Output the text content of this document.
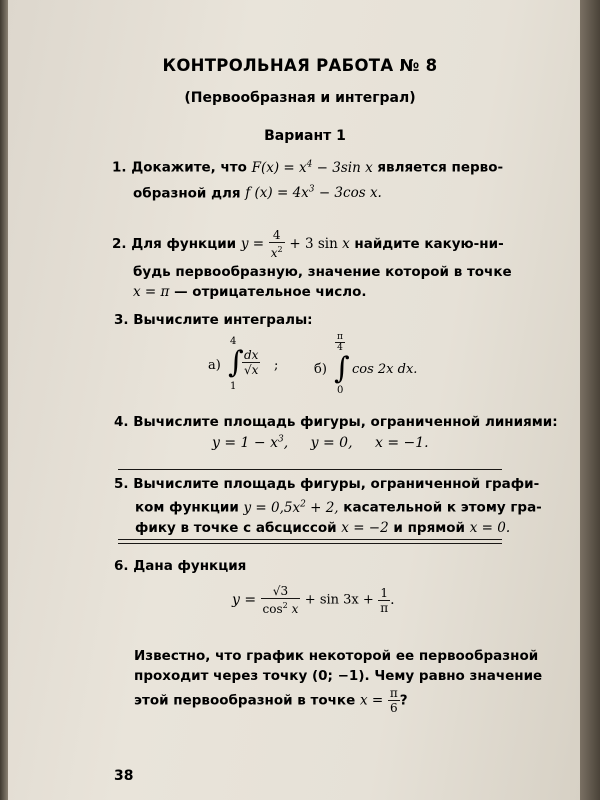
КОНТРОЛЬНАЯ РАБОТА № 8
(Первообразная и интеграл)
Вариант 1
1. Докажите, что $F(x) = x^4 - 3\sin$ x является перво-
образной для f $(x) = 4x^3 - 3\cos$ x.
2. Для функции $y = \frac{4}{x^2} + 3$ sin x найдите какую-ни-
будь первообразную, значение которой в точке
x = π — отрицательное число.
3. Вычислите интегралы:
а)
4
∫
1
$\frac{dx}{√x}$ ;	б)
$\frac{\pi}{4}$
∫
0
cos 2x dx.
4. Вычислите площадь фигуры, ограниченной линиями:
$y = 1 - x^3$, y = 0, x = −1.
5. Вычислите площадь фигуры, ограниченной графи-
ком функции $y = 0,5x^2 + 2$, касательной к этому гра-
фику в точке с абсциссой x = −2 и прямой x = 0.
6. Дана функция
$y = \frac{√3}{\cos^2 x} + \sin 3x + \frac{1}{\pi}$ .
Известно, что график некоторой ее первообразной
проходит через точку (0; −1). Чему равно значение
этой первообразной в точке $x = \frac{\pi}{6}$ ?
38
